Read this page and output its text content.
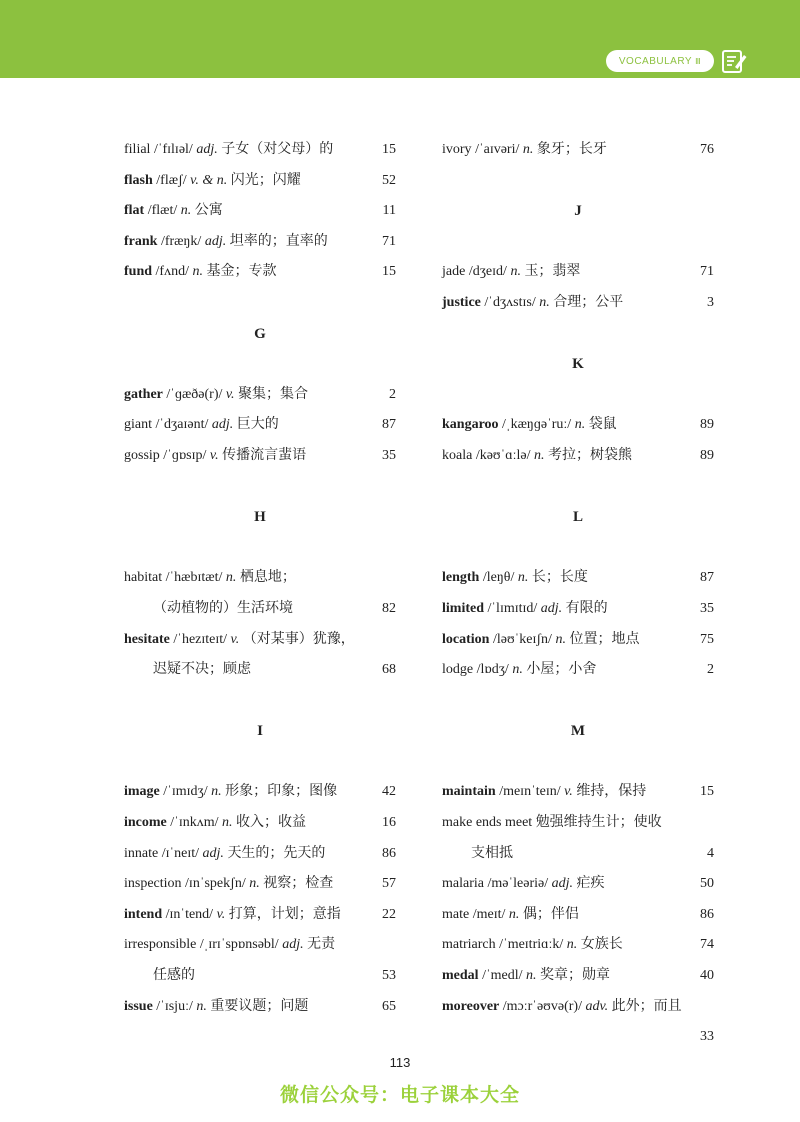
VOCABULARY Ⅲ
filial /ˈfɪlɪəl/ adj. 子女（对父母）的	15
flash /flæʃ/ v. & n. 闪光；闪耀	52
flat /flæt/ n. 公寓	11
frank /fræŋk/ adj. 坦率的；直率的	71
fund /fʌnd/ n. 基金；专款	15
G
gather /ˈɡæðə(r)/ v. 聚集；集合	2
giant /ˈdʒaɪənt/ adj. 巨大的	87
gossip /ˈɡɒsɪp/ v. 传播流言蜚语	35
H
habitat /ˈhæbɪtæt/ n. 栖息地；
（动植物的）生活环境	82
hesitate /ˈhezɪteɪt/ v. （对某事）犹豫，
迟疑不决；顾虑	68
I
image /ˈɪmɪdʒ/ n. 形象；印象；图像	42
income /ˈɪnkʌm/ n. 收入；收益	16
innate /ɪˈneɪt/ adj. 天生的；先天的	86
inspection /ɪnˈspekʃn/ n. 视察；检查	57
intend /ɪnˈtend/ v. 打算，计划；意指	22
irresponsible /ˌɪrɪˈspɒnsəbl/ adj. 无责
任感的	53
issue /ˈɪsjuː/ n. 重要议题；问题	65
ivory /ˈaɪvəri/ n. 象牙；长牙	76
J
jade /dʒeɪd/ n. 玉；翡翠	71
justice /ˈdʒʌstɪs/ n. 合理；公平	3
K
kangaroo /ˌkæŋɡəˈruː/ n. 袋鼠	89
koala /kəʊˈɑːlə/ n. 考拉；树袋熊	89
L
length /leŋθ/ n. 长；长度	87
limited /ˈlɪmɪtɪd/ adj. 有限的	35
location /ləʊˈkeɪʃn/ n. 位置；地点	75
lodge /lɒdʒ/ n. 小屋；小舍	2
M
maintain /meɪnˈteɪn/ v. 维持，保持	15
make ends meet 勉强维持生计；使收
支相抵	4
malaria /məˈleəriə/ adj. 疟疾	50
mate /meɪt/ n. 偶；伴侣	86
matriarch /ˈmeɪtriɑːk/ n. 女族长	74
medal /ˈmedl/ n. 奖章；勋章	40
moreover /mɔːrˈəʊvə(r)/ adv. 此外；而且
33
113
微信公众号：电子课本大全
